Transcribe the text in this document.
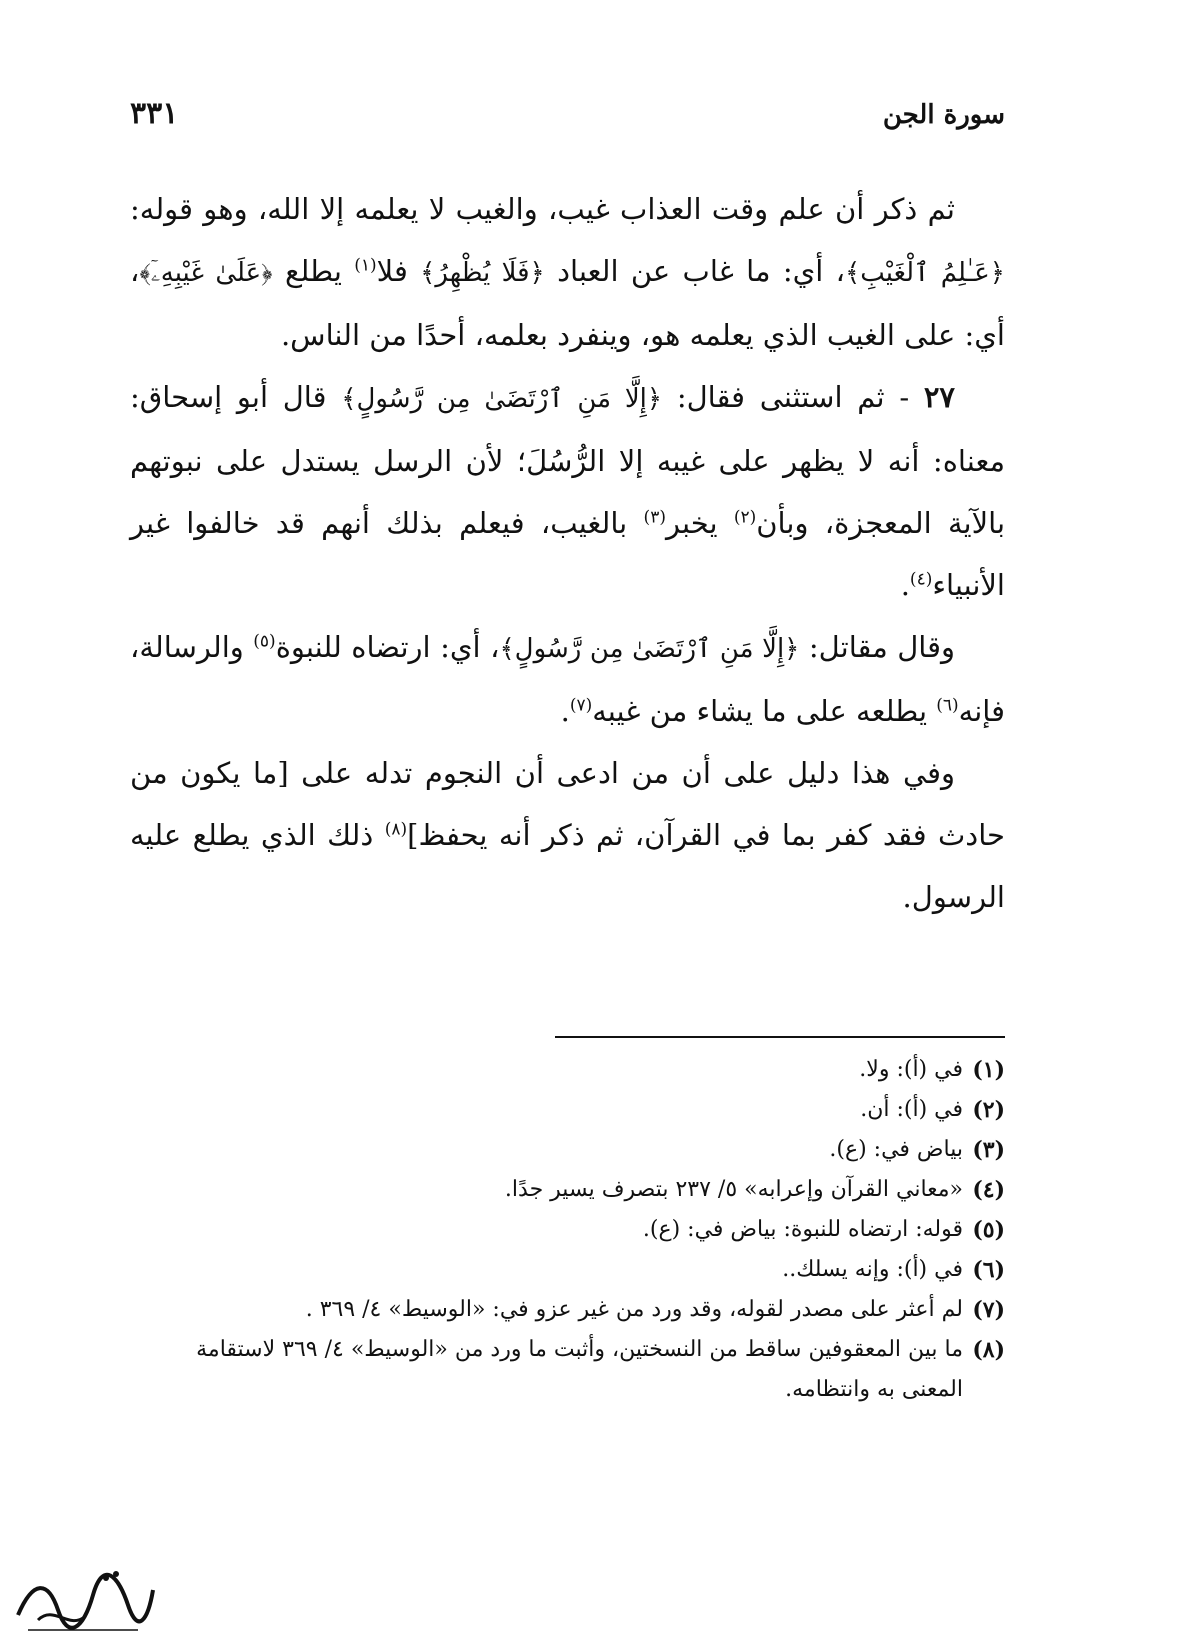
٣٣١	سورة الجن

ثم ذكر أن علم وقت العذاب غيب، والغيب لا يعلمه إلا الله، وهو قوله: ﴿عَـٰلِمُ ٱلْغَيْبِ﴾، أي: ما غاب عن العباد ﴿فَلَا يُظْهِرُ﴾ فلا$^{(١)}$ يطلع ﴿عَلَىٰ غَيْبِهِۦٓ﴾، أي: على الغيب الذي يعلمه هو، وينفرد بعلمه، أحدًا من الناس.

٢٧ - ثم استثنى فقال: ﴿إِلَّا مَنِ ٱرْتَضَىٰ مِن رَّسُولٍ﴾ قال أبو إسحاق: معناه: أنه لا يظهر على غيبه إلا الرُّسُلَ؛ لأن الرسل يستدل على نبوتهم بالآية المعجزة، وبأن$^{(٢)}$ يخبر$^{(٣)}$ بالغيب، فيعلم بذلك أنهم قد خالفوا غير الأنبياء$^{(٤)}$.

وقال مقاتل: ﴿إِلَّا مَنِ ٱرْتَضَىٰ مِن رَّسُولٍ﴾، أي: ارتضاه للنبوة$^{(٥)}$ والرسالة، فإنه$^{(٦)}$ يطلعه على ما يشاء من غيبه$^{(٧)}$.

وفي هذا دليل على أن من ادعى أن النجوم تدله على [ما يكون من حادث فقد كفر بما في القرآن، ثم ذكر أنه يحفظ]$^{(٨)}$ ذلك الذي يطلع عليه الرسول.

(١)
في (أ): ولا.
(٢)
في (أ): أن.
(٣)
بياض في: (ع).
(٤)
«معاني القرآن وإعرابه» ٥/ ٢٣٧ بتصرف يسير جدًا.
(٥)
قوله: ارتضاه للنبوة: بياض في: (ع).
(٦)
في (أ): وإنه يسلك..
(٧)
لم أعثر على مصدر لقوله، وقد ورد من غير عزو في: «الوسيط» ٤/ ٣٦٩ .
(٨)
ما بين المعقوفين ساقط من النسختين، وأثبت ما ورد من «الوسيط» ٤/ ٣٦٩ لاستقامة المعنى به وانتظامه.
